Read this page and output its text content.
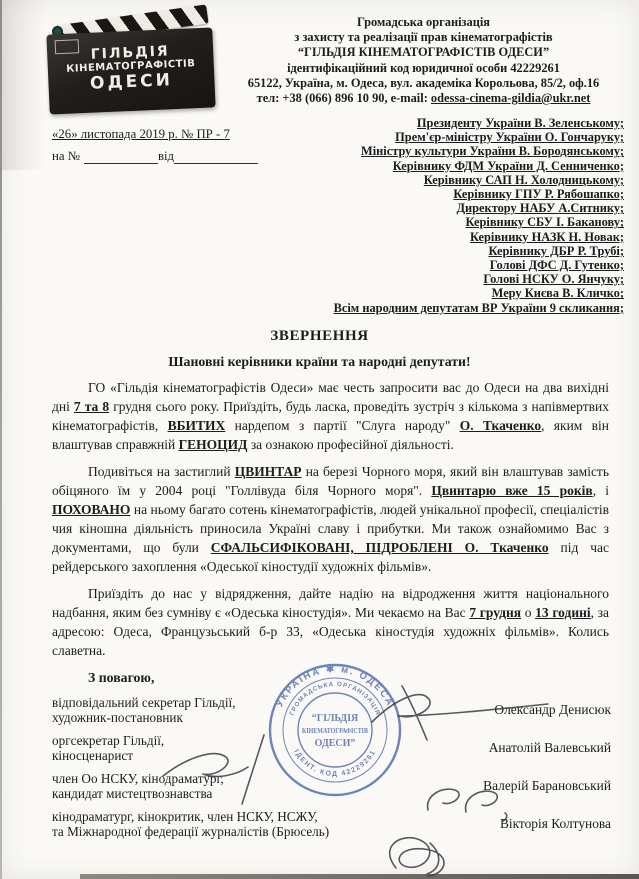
ГІЛЬДІЯ
КІНЕМАТОГРАФІСТІВ
ОДЕСИ
Громадська організація
з захисту та реалізації прав кінематографістів
“ГІЛЬДІЯ КІНЕМАТОГРАФІСТІВ ОДЕСИ”
ідентифікаційний код юридичної особи 42229261
65122, Україна, м. Одеса, вул. академіка Корольова, 85/2, оф.16
тел: +38 (066) 896 10 90, e-mail: odessa-cinema-gildia@ukr.net
«26» листопада 2019 р. № ПР - 7
на №	від
Президенту України В. Зеленському;
Прем'єр-міністру України О. Гончаруку;
Міністру культури України В. Бородянському;
Керівнику ФДМ України Д. Сенниченко;
Керівнику САП Н. Холодницькому;
Керівнику ГПУ Р. Рябошапко;
Директору НАБУ А.Ситнику;
Керівнику СБУ І. Баканову;
Керівнику НАЗК Н. Новак;
Керівнику ДБР Р. Трубі;
Голові ДФС Д. Гутенко;
Голові НСКУ О. Янчуку;
Меру Києва В. Кличко;
Всім народним депутатам ВР України 9 скликання;
ЗВЕРНЕННЯ
Шановні керівники країни та народні депутати!

ГО «Гільдія кінематографістів Одеси» має честь запросити вас до Одеси на два вихідні дні 7 та 8 грудня сього року. Приїздіть, будь ласка, проведіть зустріч з кількома з напівмертвих кінематографістів, ВБИТИХ нардепом з партії "Слуга народу" О. Ткаченко, яким він влаштував справжній ГЕНОЦИД за ознакою професійної діяльності.

Подивіться на застиглий ЦВИНТАР на березі Чорного моря, який він влаштував замість обіцяного їм у 2004 році "Голлівуда біля Чорного моря". Цвинтарю вже 15 років, і ПОХОВАНО на ньому багато сотень кінематографістів, людей унікальної професії, спеціалістів чия кіношна діяльність приносила Україні славу і прибутки. Ми також ознайомимо Вас з документами, що були СФАЛЬСИФІКОВАНІ, ПІДРОБЛЕНІ О. Ткаченко під час рейдерського захоплення «Одеської кіностудії художніх фільмів».

Приїздіть до нас у відрядження, дайте надію на відродження життя національного надбання, яким без сумніву є «Одеська кіностудія». Ми чекаємо на Вас 7 грудня о 13 годині, за адресою: Одеса, Французьський б-р 33, «Одеська кіностудія художніх фільмів». Колись славетна.

З повагою,

відповідальний секретар Гільдії,
художник-постановник
Олександр Денисюк
оргсекретар Гільдії,
кіносценарист
Анатолій Валевський
член Оо НСКУ, кінодраматург,
кандидат мистецтвознавства
Валерій Барановський
кінодраматург, кінокритик, член НСКУ, НСЖУ,
та Міжнародної федерації журналістів (Брюсель)
Вікторія Колтунова
УКРАЇНА ✱ м. ОДЕСА
ГРОМАДСЬКА ОРГАНІЗАЦІЯ
ІДЕНТ. КОД 42229261
“ГІЛЬДІЯ
КІНЕМАТОГРАФІСТІВ
ОДЕСИ”
